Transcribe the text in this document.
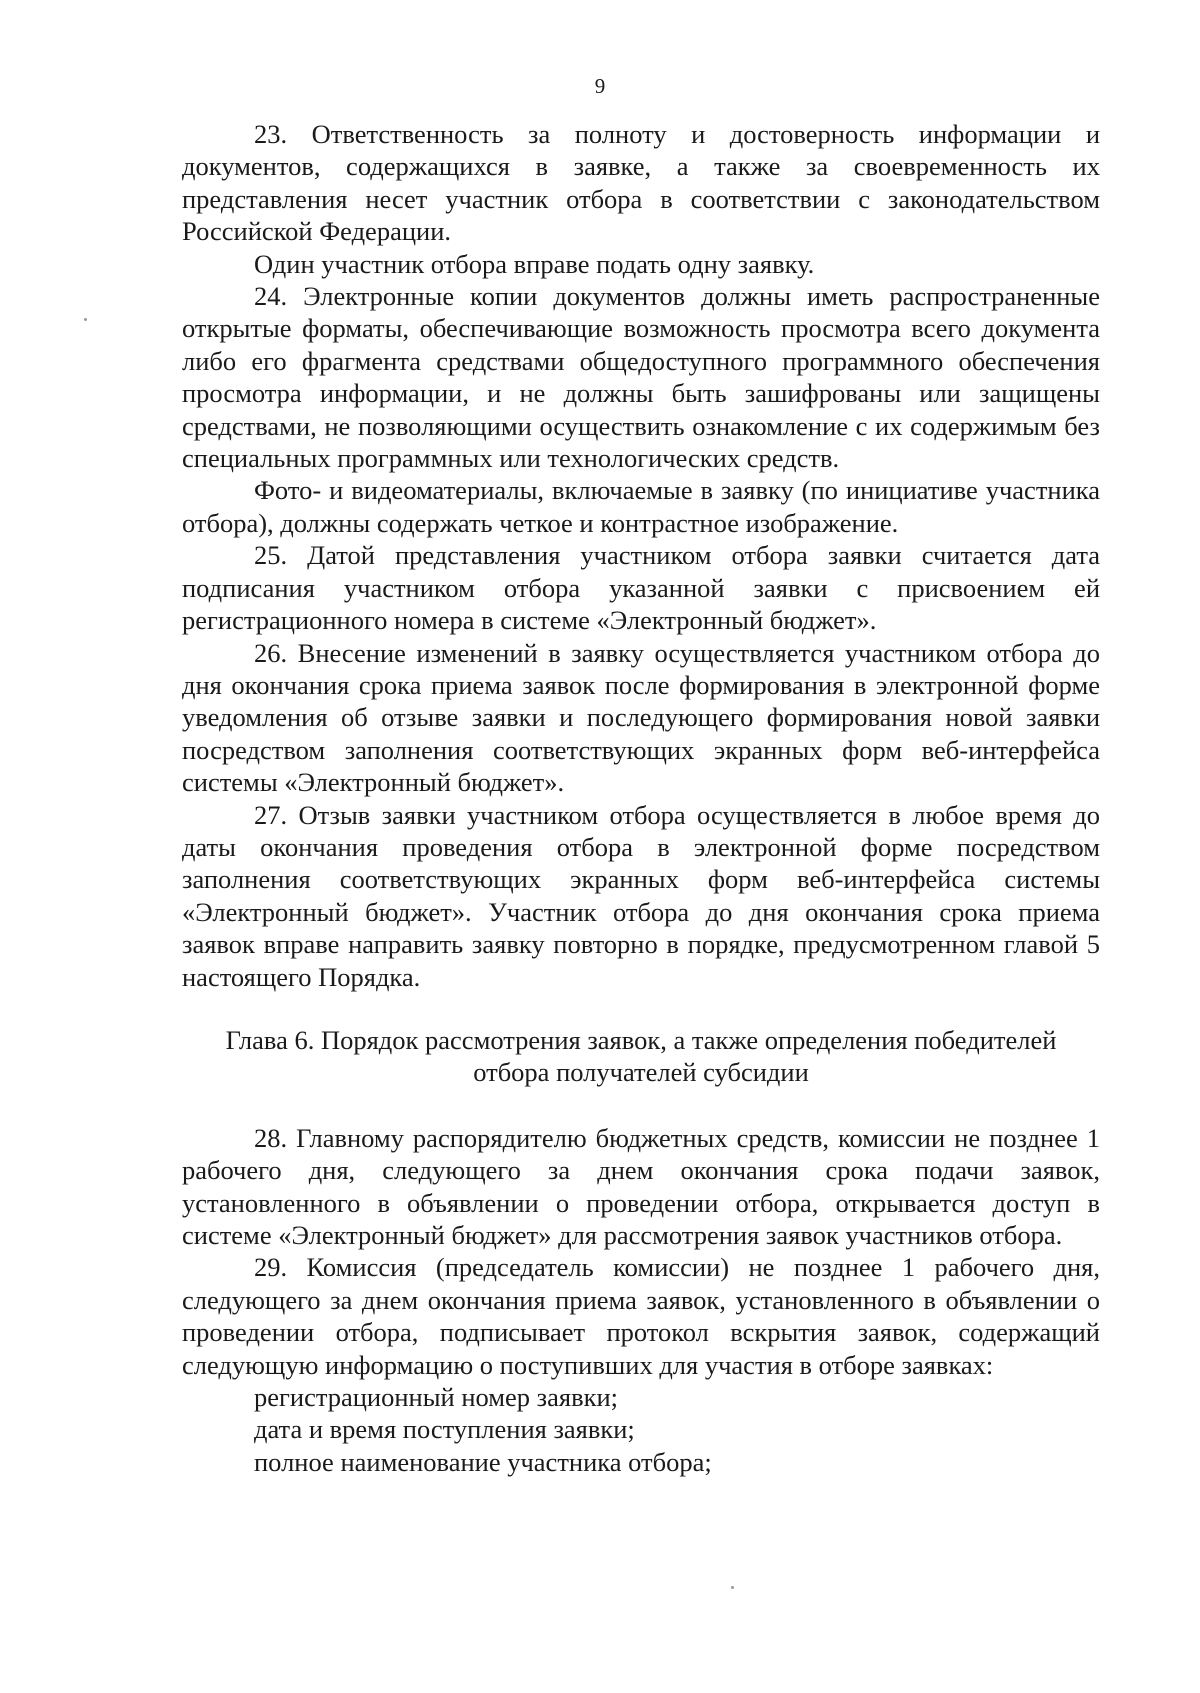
9

23. Ответственность за полноту и достоверность информации и документов, содержащихся в заявке, а также за своевременность их представления несет участник отбора в соответствии с законодательством Российской Федерации.

Один участник отбора вправе подать одну заявку.

24. Электронные копии документов должны иметь распространенные открытые форматы, обеспечивающие возможность просмотра всего документа либо его фрагмента средствами общедоступного программного обеспечения просмотра информации, и не должны быть зашифрованы или защищены средствами, не позволяющими осуществить ознакомление с их содержимым без специальных программных или технологических средств.

Фото- и видеоматериалы, включаемые в заявку (по инициативе участника отбора), должны содержать четкое и контрастное изображение.

25. Датой представления участником отбора заявки считается дата подписания участником отбора указанной заявки с присвоением ей регистрационного номера в системе «Электронный бюджет».

26. Внесение изменений в заявку осуществляется участником отбора до дня окончания срока приема заявок после формирования в электронной форме уведомления об отзыве заявки и последующего формирования новой заявки посредством заполнения соответствующих экранных форм веб-интерфейса системы «Электронный бюджет».

27. Отзыв заявки участником отбора осуществляется в любое время до даты окончания проведения отбора в электронной форме посредством заполнения соответствующих экранных форм веб-интерфейса системы «Электронный бюджет». Участник отбора до дня окончания срока приема заявок вправе направить заявку повторно в порядке, предусмотренном главой 5 настоящего Порядка.

Глава 6. Порядок рассмотрения заявок, а также определения победителей отбора получателей субсидии

28. Главному распорядителю бюджетных средств, комиссии не позднее 1 рабочего дня, следующего за днем окончания срока подачи заявок, установленного в объявлении о проведении отбора, открывается доступ в системе «Электронный бюджет» для рассмотрения заявок участников отбора.

29. Комиссия (председатель комиссии) не позднее 1 рабочего дня, следующего за днем окончания приема заявок, установленного в объявлении о проведении отбора, подписывает протокол вскрытия заявок, содержащий следующую информацию о поступивших для участия в отборе заявках:

регистрационный номер заявки;

дата и время поступления заявки;

полное наименование участника отбора;
